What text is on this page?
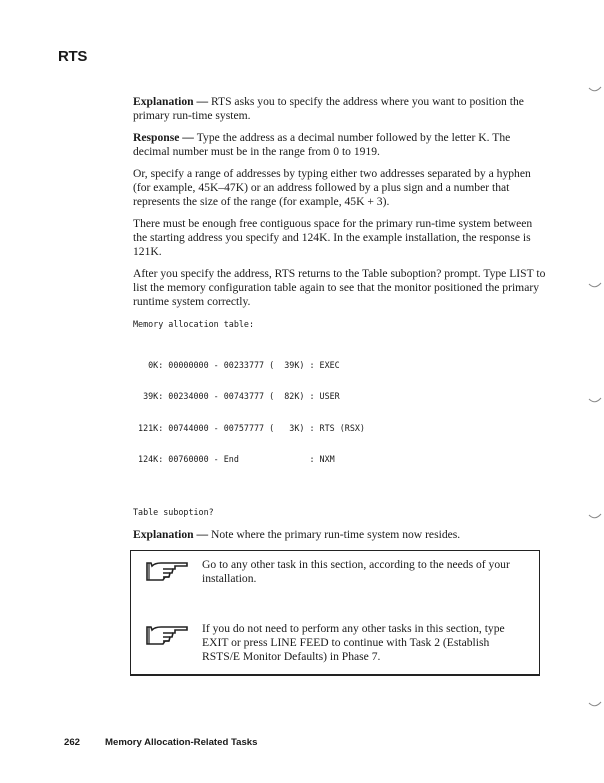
RTS

Explanation — RTS asks you to specify the address where you want to position the primary run-time system.

Response — Type the address as a decimal number followed by the letter K. The decimal number must be in the range from 0 to 1919.

Or, specify a range of addresses by typing either two addresses separated by a hyphen (for example, 45K–47K) or an address followed by a plus sign and a number that represents the size of the range (for example, 45K + 3).

There must be enough free contiguous space for the primary run-time system between the starting address you specify and 124K. In the example installation, the response is 121K.

After you specify the address, RTS returns to the Table suboption? prompt. Type LIST to list the memory configuration table again to see that the monitor positioned the primary runtime system correctly.

Memory allocation table:

0K: 00000000 - 00233777 (  39K) : EXEC

39K: 00234000 - 00743777 (  82K) : USER

121K: 00744000 - 00757777 (   3K) : RTS (RSX)

124K: 00760000 - End              : NXM

Table suboption?

Explanation — Note where the primary run-time system now resides.

Go to any other task in this section, according to the needs of your installation.
If you do not need to perform any other tasks in this section, type EXIT or press LINE FEED to continue with Task 2 (Establish RSTS/E Monitor Defaults) in Phase 7.
262	Memory Allocation-Related Tasks
